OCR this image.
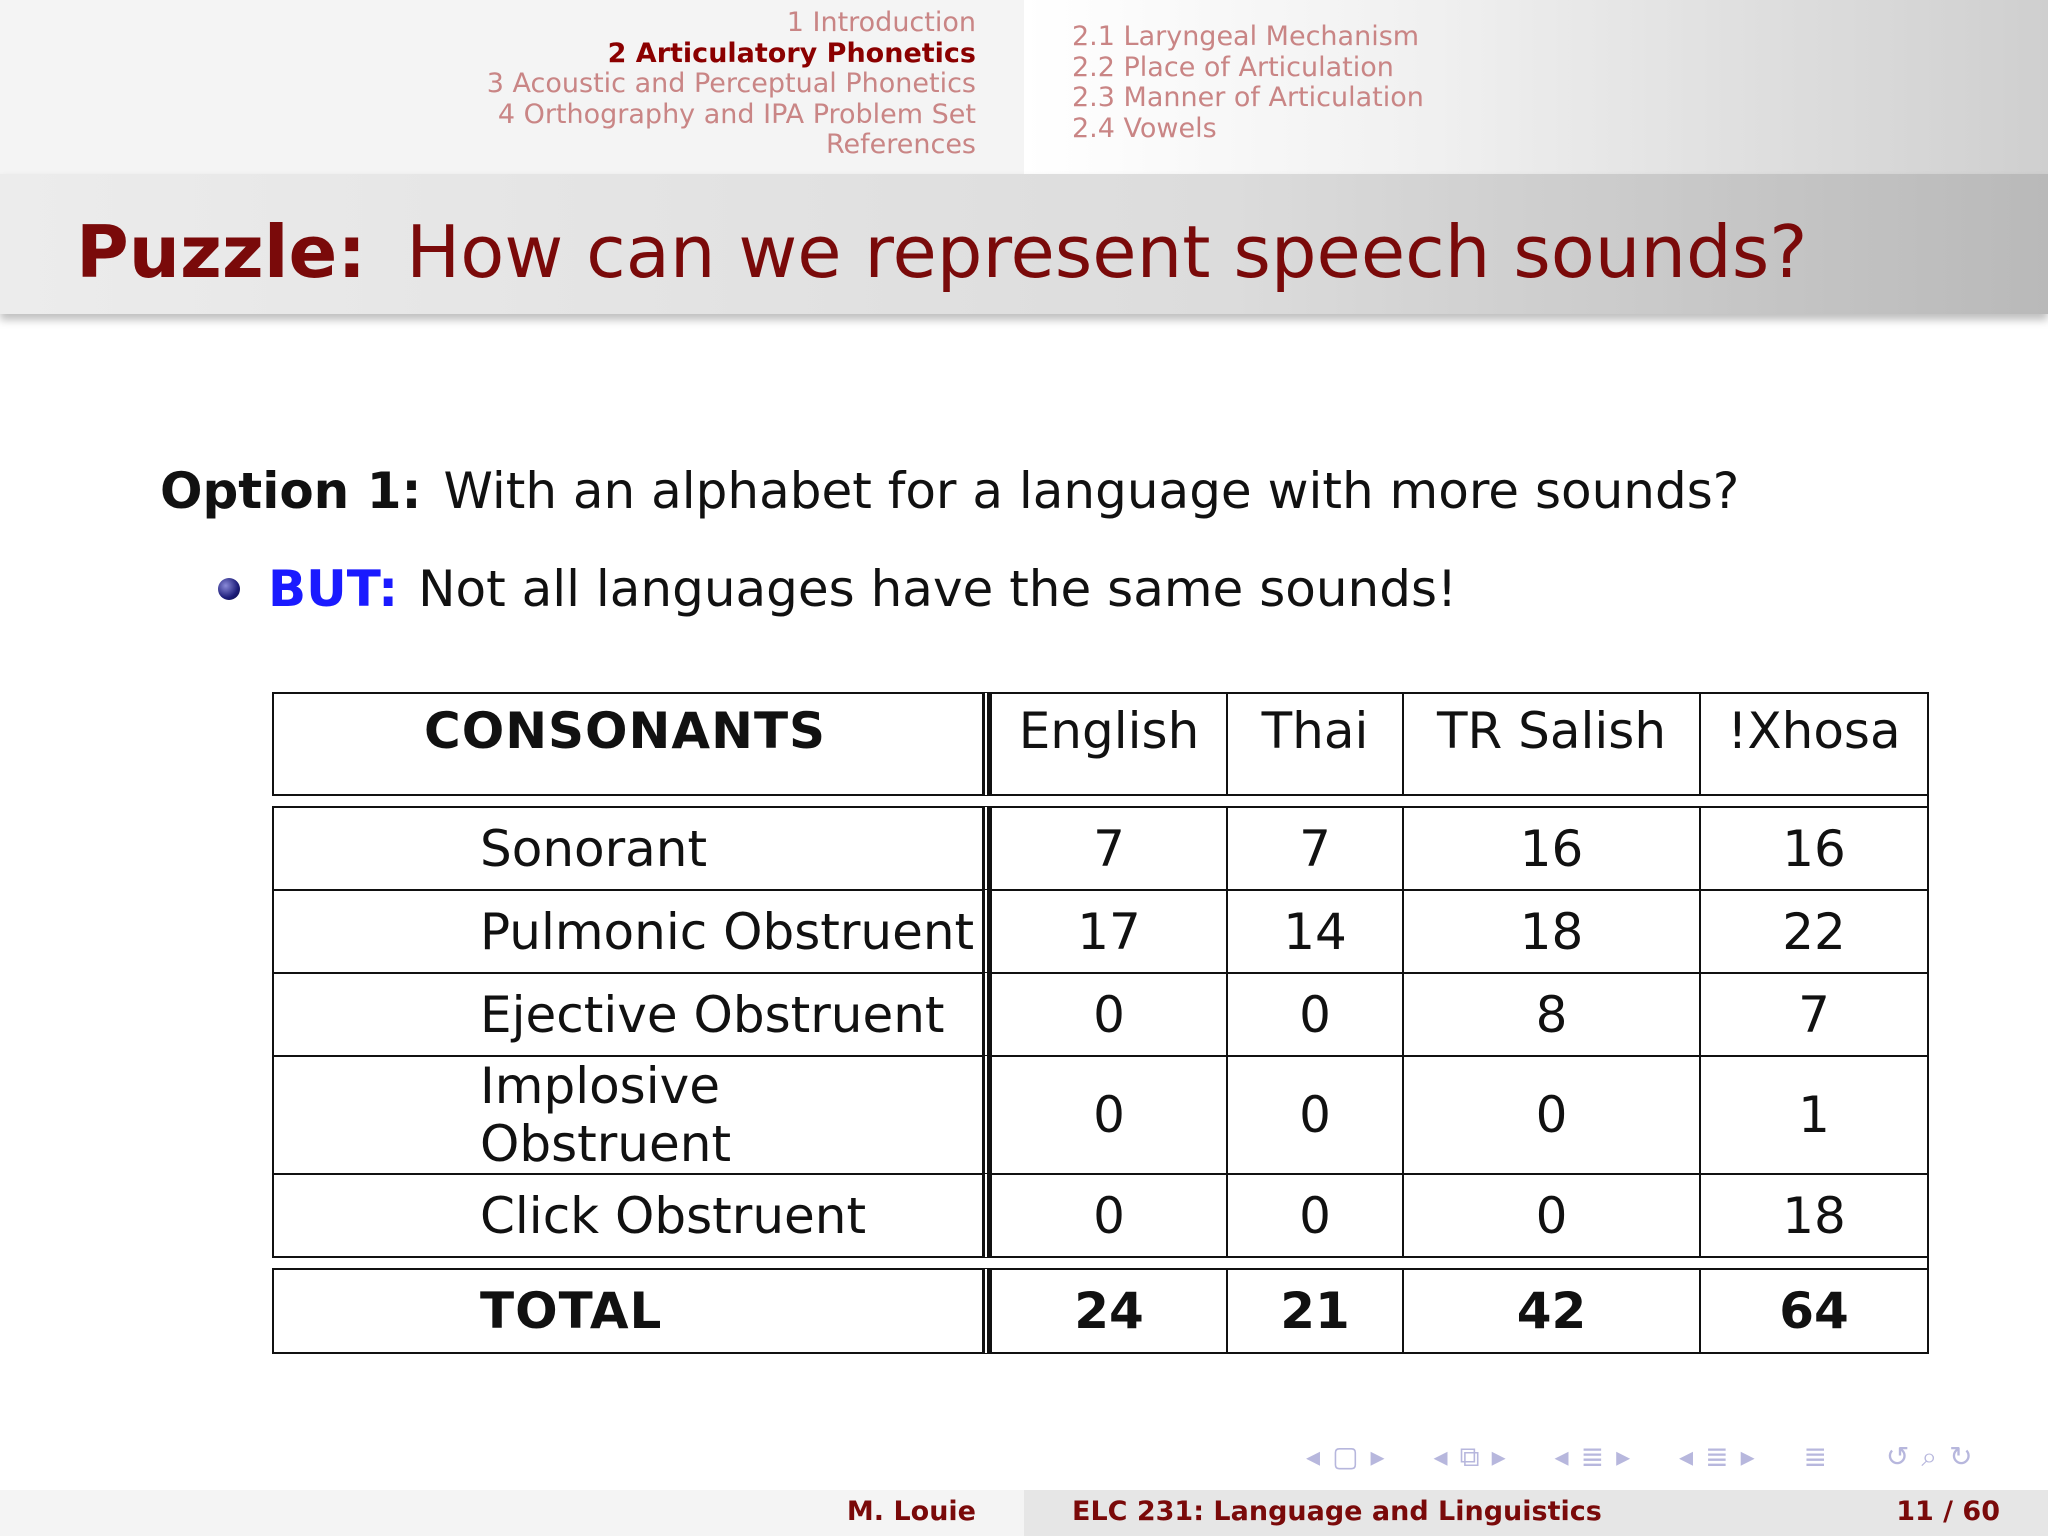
1 Introduction
2 Articulatory Phonetics
3 Acoustic and Perceptual Phonetics
4 Orthography and IPA Problem Set
References
2.1 Laryngeal Mechanism
2.2 Place of Articulation
2.3 Manner of Articulation
2.4 Vowels
Puzzle: How can we represent speech sounds?
Option 1: With an alphabet for a language with more sounds?
BUT: Not all languages have the same sounds!
CONSONANTS	English	Thai	TR Salish	!Xhosa

Sonorant	7	7	16	16
Pulmonic Obstruent	17	14	18	22
Ejective Obstruent	0	0	8	7
Implosive Obstruent	0	0	0	1
Click Obstruent	0	0	0	18

TOTAL	24	21	42	64
◂ ▢ ▸ ◂ ⧉ ▸ ◂ ≣ ▸ ◂ ≣ ▸ ≣ ↺ ⌕ ↻
M. Louie	ELC 231: Language and Linguistics	11 / 60
